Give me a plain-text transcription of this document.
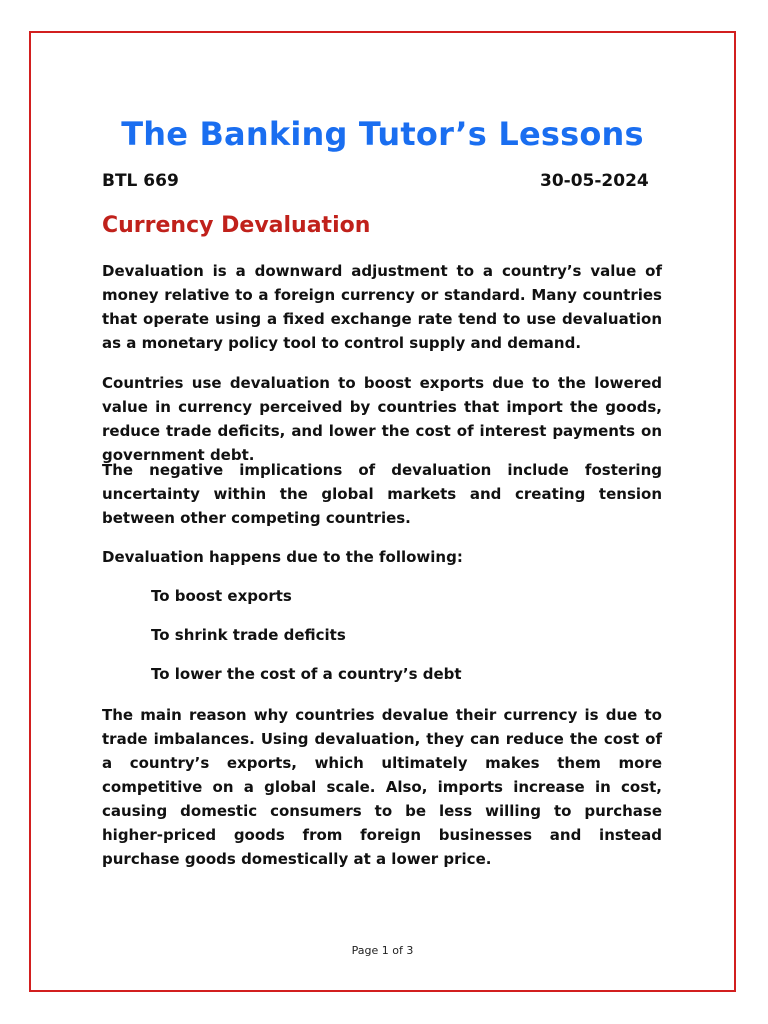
The Banking Tutor’s Lessons
BTL 669	30-05-2024
Currency Devaluation

Devaluation is a downward adjustment to a country’s value of money relative to a foreign currency or standard. Many countries that operate using a fixed exchange rate tend to use devaluation as a monetary policy tool to control supply and demand.

Countries use devaluation to boost exports due to the lowered value in currency perceived by countries that import the goods, reduce trade deficits, and lower the cost of interest payments on government debt.

The negative implications of devaluation include fostering uncertainty within the global markets and creating tension between other competing countries.

Devaluation happens due to the following:
To boost exports
To shrink trade deficits
To lower the cost of a country’s debt

The main reason why countries devalue their currency is due to trade imbalances. Using devaluation, they can reduce the cost of a country’s exports, which ultimately makes them more competitive on a global scale. Also, imports increase in cost, causing domestic consumers to be less willing to purchase higher-priced goods from foreign businesses and instead purchase goods domestically at a lower price.

Page 1 of 3
